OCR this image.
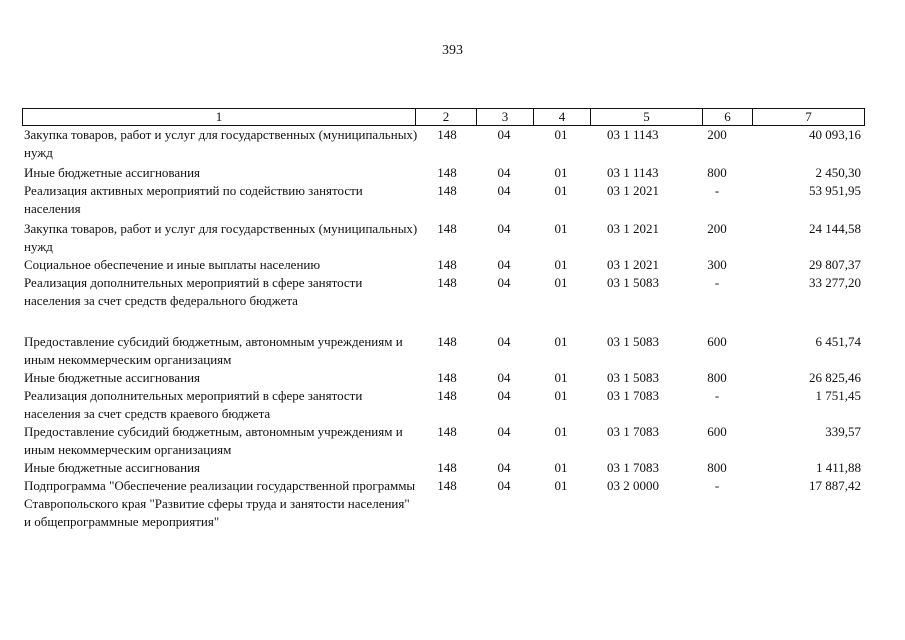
393
1	2	3	4	5	6	7
Закупка товаров, работ и услуг для государственных (муниципальных) нужд
148	04	01	03 1 1143	200	40 093,16
Иные бюджетные ассигнования	148	04	01	03 1 1143	800	2 450,30
Реализация активных мероприятий по содействию занятости населения
148	04	01	03 1 2021	-	53 951,95
Закупка товаров, работ и услуг для государственных (муниципальных) нужд
148	04	01	03 1 2021	200	24 144,58
Социальное обеспечение и иные выплаты населению	148	04	01	03 1 2021	300	29 807,37
Реализация дополнительных мероприятий в сфере занятости населения за счет средств федерального бюджета
148	04	01	03 1 5083	-	33 277,20
Предоставление субсидий бюджетным, автономным учреждениям и иным некоммерческим организациям
148	04	01	03 1 5083	600	6 451,74
Иные бюджетные ассигнования	148	04	01	03 1 5083	800	26 825,46
Реализация дополнительных мероприятий в сфере занятости населения за счет средств краевого бюджета
148	04	01	03 1 7083	-	1 751,45
Предоставление субсидий бюджетным, автономным учреждениям и иным некоммерческим организациям
148	04	01	03 1 7083	600	339,57
Иные бюджетные ассигнования	148	04	01	03 1 7083	800	1 411,88
Подпрограмма "Обеспечение реализации государственной программы Ставропольского края "Развитие сферы труда и занятости населения" и общепрограммные мероприятия"
148	04	01	03 2 0000	-	17 887,42
